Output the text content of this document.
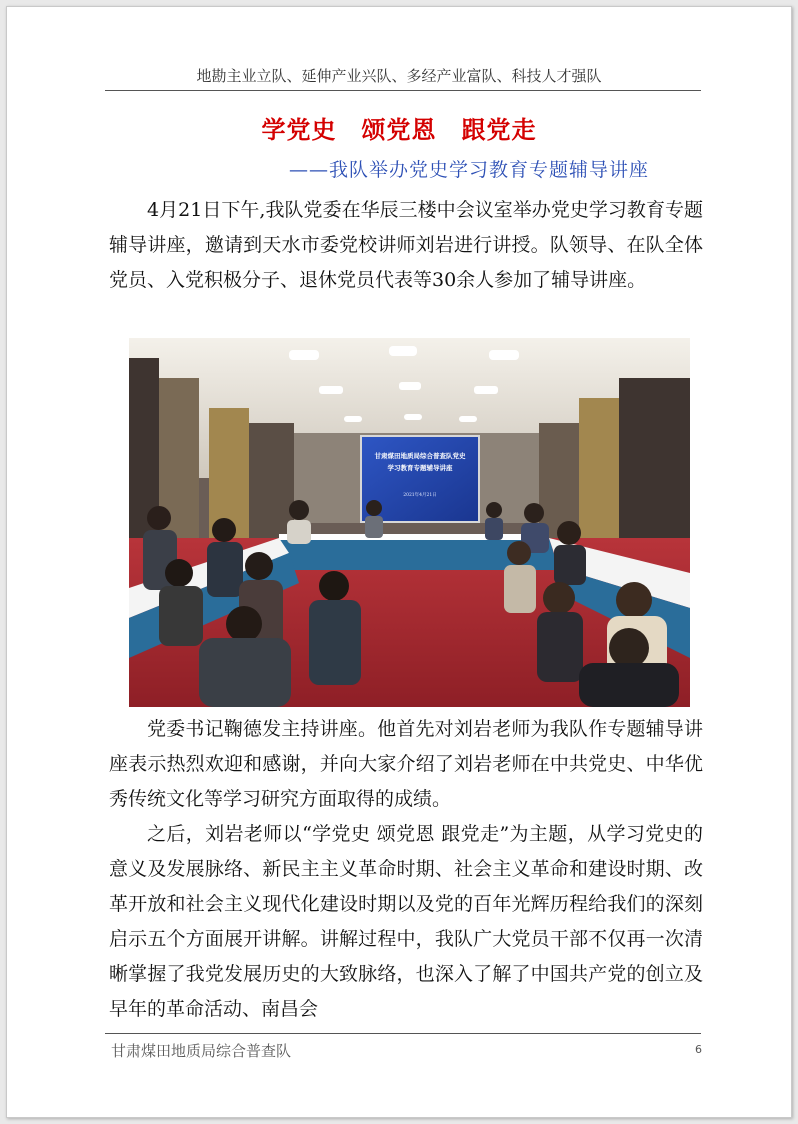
地勘主业立队、延伸产业兴队、多经产业富队、科技人才强队
学党史　颂党恩　跟党走
——我队举办党史学习教育专题辅导讲座

4月21日下午,我队党委在华辰三楼中会议室举办党史学习教育专题辅导讲座，邀请到天水市委党校讲师刘岩进行讲授。队领导、在队全体党员、入党积极分子、退休党员代表等30余人参加了辅导讲座。

甘肃煤田地质局综合普查队党史
学习教育专题辅导讲座
2021年4月21日

党委书记鞠德发主持讲座。他首先对刘岩老师为我队作专题辅导讲座表示热烈欢迎和感谢，并向大家介绍了刘岩老师在中共党史、中华优秀传统文化等学习研究方面取得的成绩。

之后，刘岩老师以“学党史 颂党恩 跟党走”为主题，从学习党史的意义及发展脉络、新民主主义革命时期、社会主义革命和建设时期、改革开放和社会主义现代化建设时期以及党的百年光辉历程给我们的深刻启示五个方面展开讲解。讲解过程中，我队广大党员干部不仅再一次清晰掌握了我党发展历史的大致脉络，也深入了解了中国共产党的创立及早年的革命活动、南昌会

甘肃煤田地质局综合普查队	6
